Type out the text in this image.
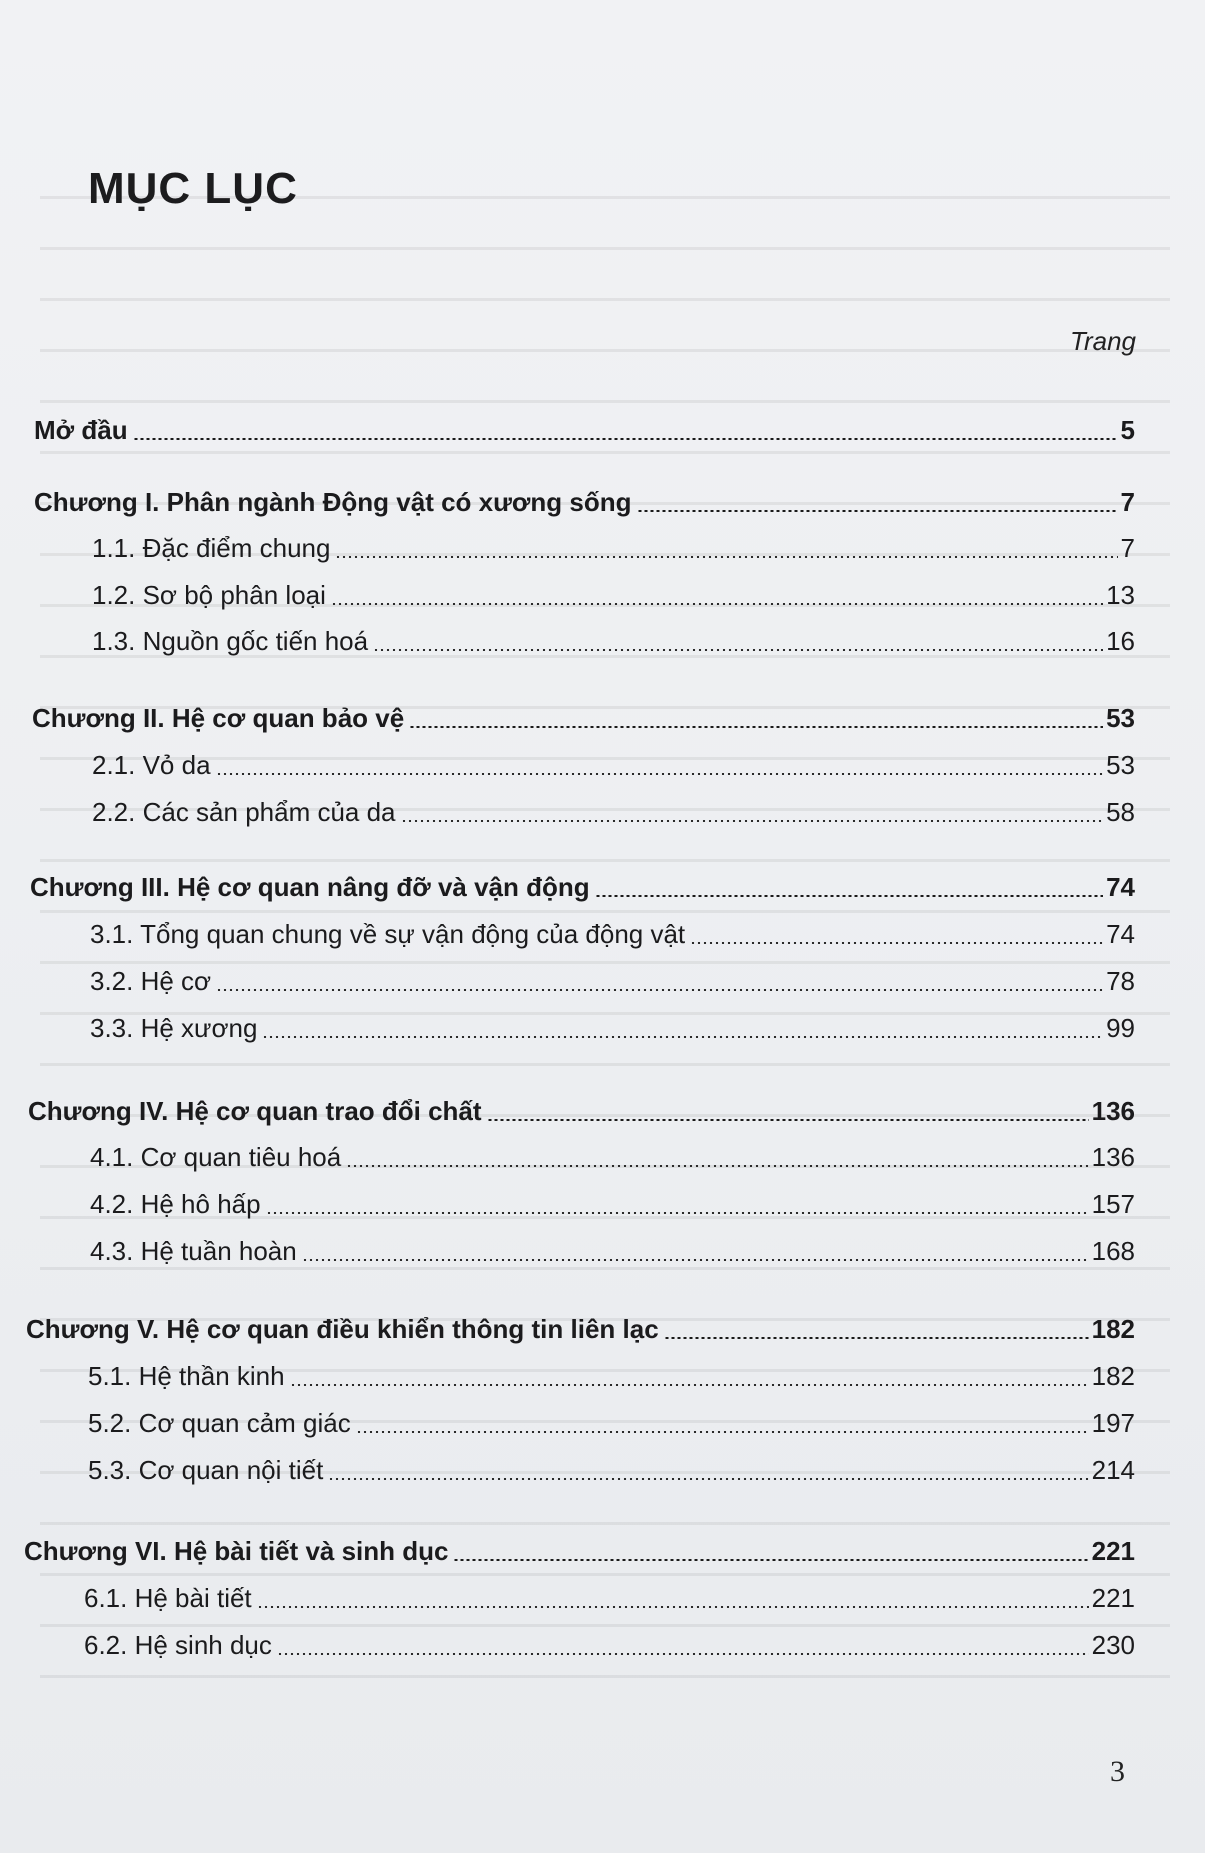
MỤC LỤC
Trang
Mở đầu	5
Chương I. Phân ngành Động vật có xương sống	7
1.1. Đặc điểm chung	7
1.2. Sơ bộ phân loại	13
1.3. Nguồn gốc tiến hoá	16
Chương II. Hệ cơ quan bảo vệ	53
2.1. Vỏ da	53
2.2. Các sản phẩm của da	58
Chương III. Hệ cơ quan nâng đỡ và vận động	74
3.1. Tổng quan chung về sự vận động của động vật	74
3.2. Hệ cơ	78
3.3. Hệ xương	99
Chương IV. Hệ cơ quan trao đổi chất	136
4.1. Cơ quan tiêu hoá	136
4.2. Hệ hô hấp	157
4.3. Hệ tuần hoàn	168
Chương V. Hệ cơ quan điều khiển thông tin liên lạc	182
5.1. Hệ thần kinh	182
5.2. Cơ quan cảm giác	197
5.3. Cơ quan nội tiết	214
Chương VI. Hệ bài tiết và sinh dục	221
6.1. Hệ bài tiết	221
6.2. Hệ sinh dục	230
3
